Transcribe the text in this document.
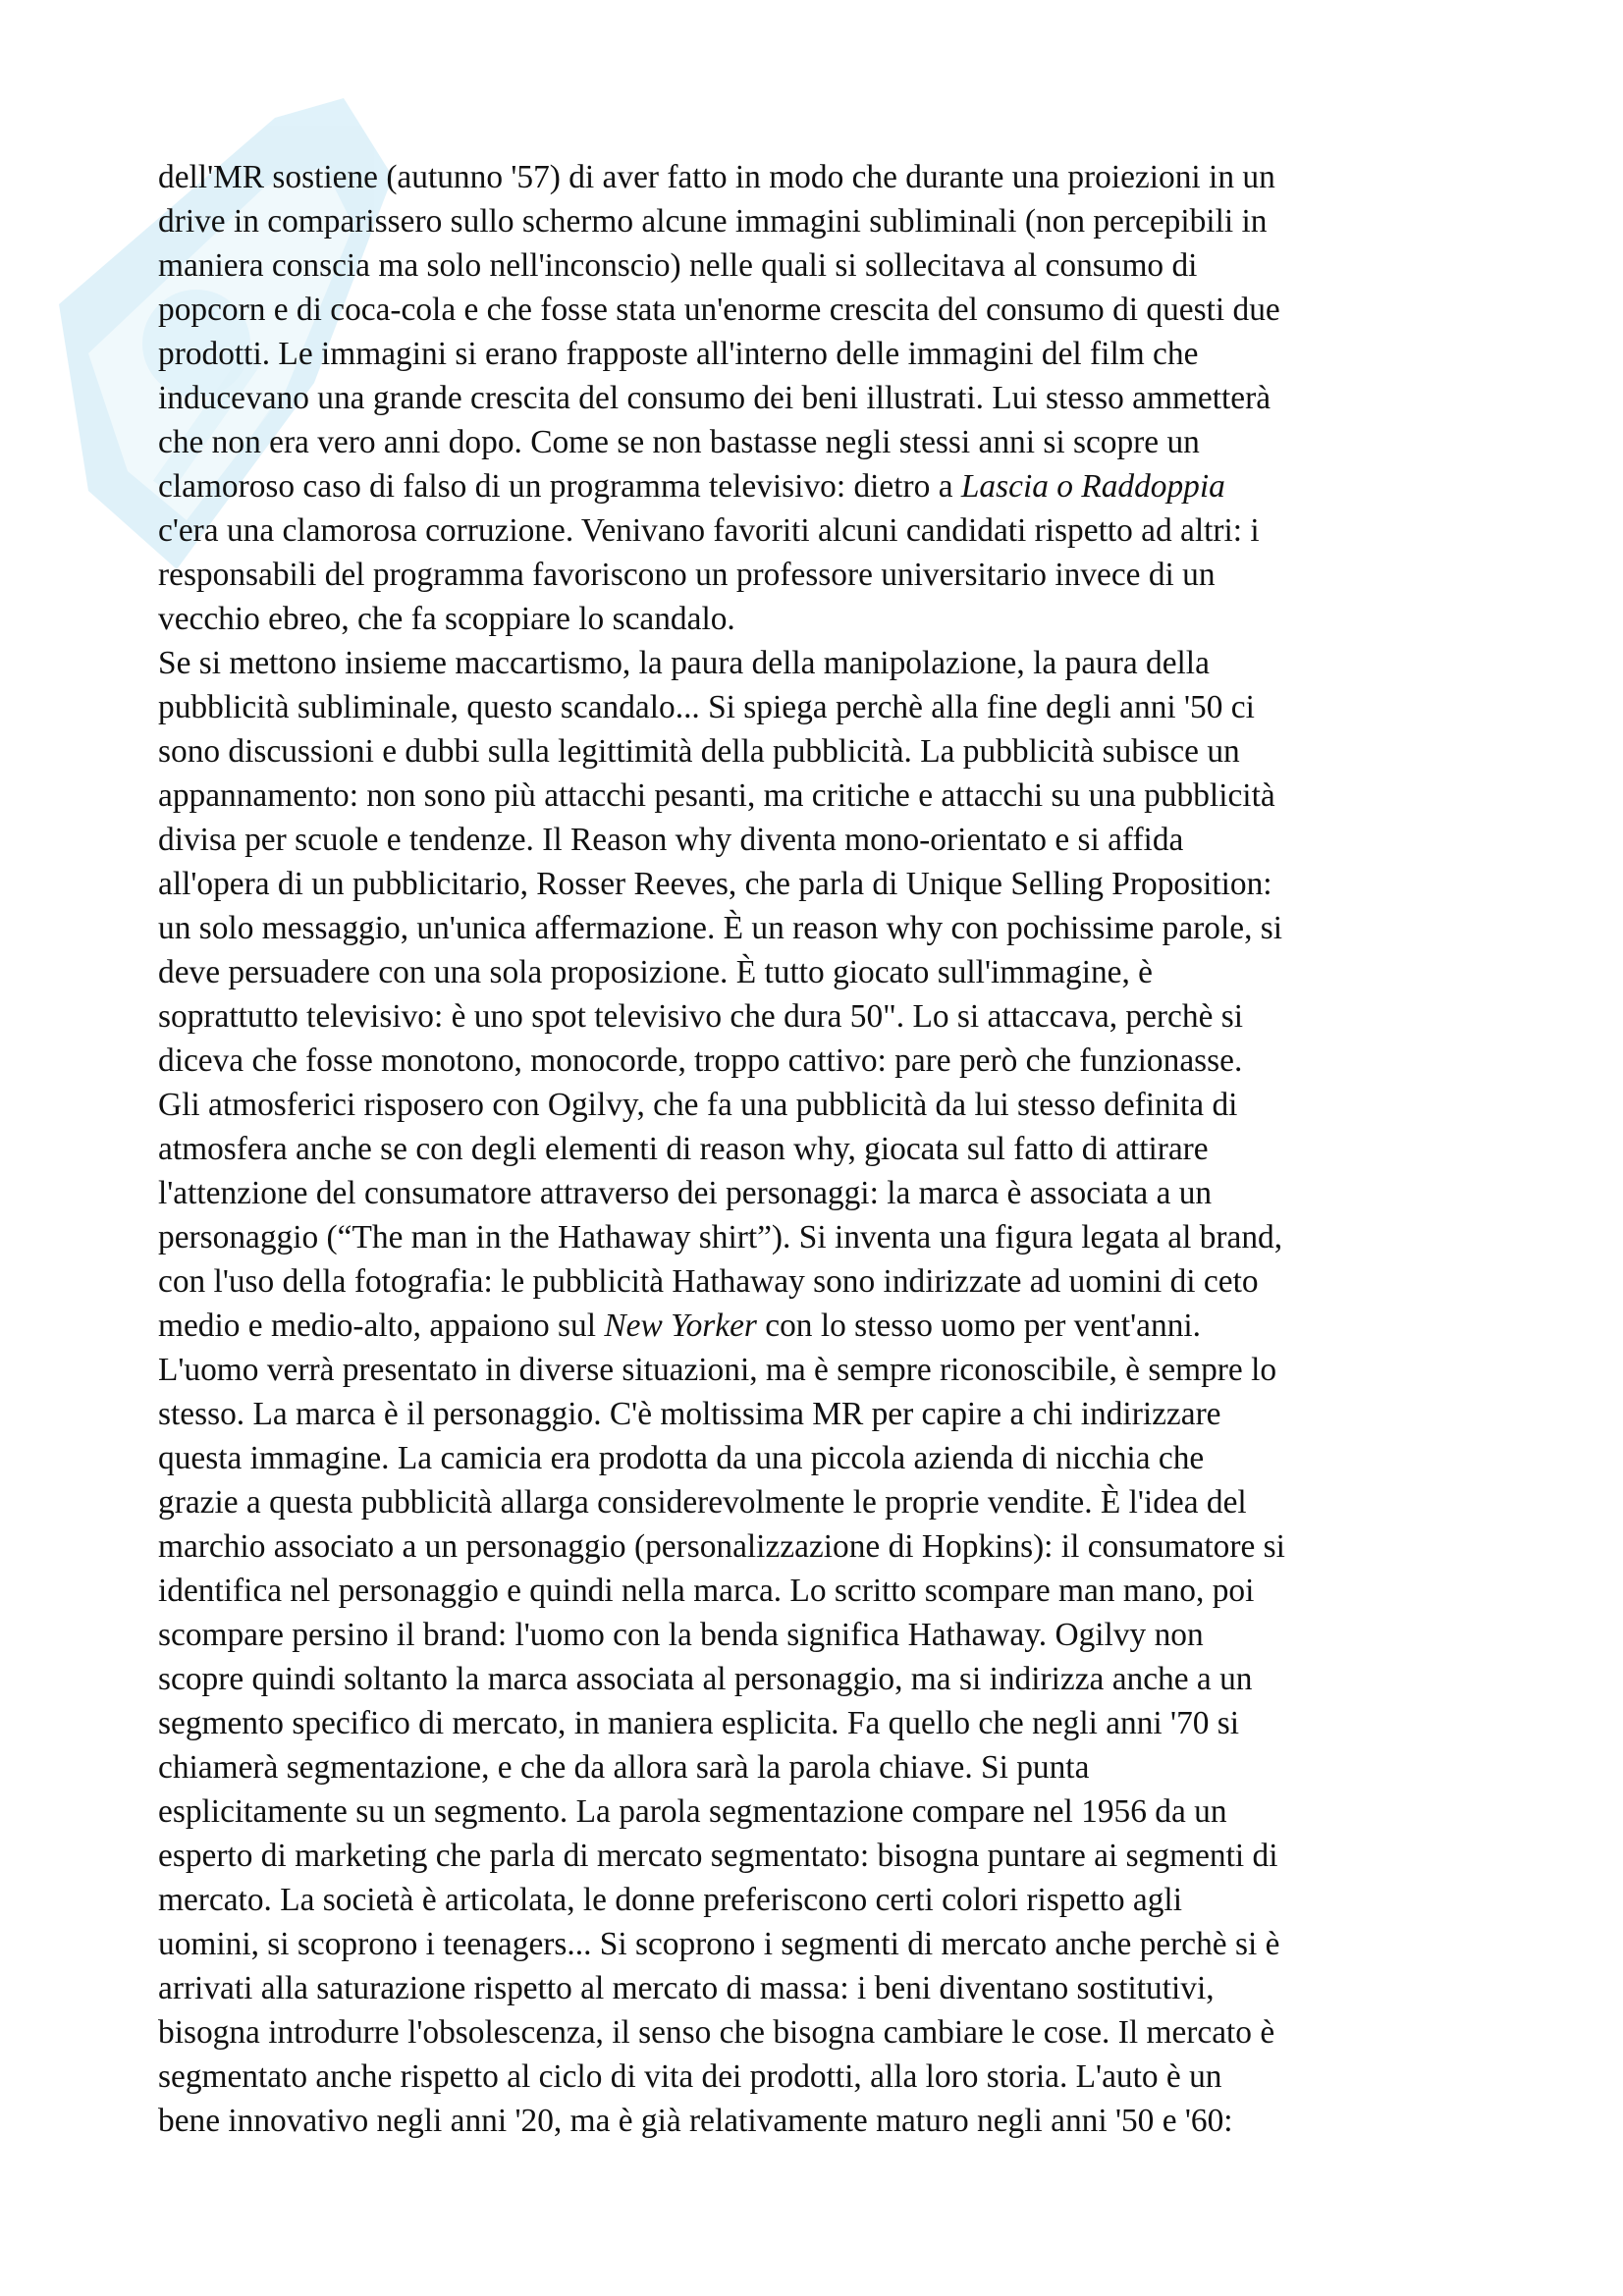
dell'MR sostiene (autunno '57) di aver fatto in modo che durante una proiezioni in un
drive in comparissero sullo schermo alcune immagini subliminali (non percepibili in
maniera conscia ma solo nell'inconscio) nelle quali si sollecitava al consumo di
popcorn e di coca-cola e che fosse stata un'enorme crescita del consumo di questi due
prodotti. Le immagini si erano frapposte all'interno delle immagini del film che
inducevano una grande crescita del consumo dei beni illustrati. Lui stesso ammetterà
che non era vero anni dopo. Come se non bastasse negli stessi anni si scopre un
clamoroso caso di falso di un programma televisivo: dietro a Lascia o Raddoppia
c'era una clamorosa corruzione. Venivano favoriti alcuni candidati rispetto ad altri: i
responsabili del programma favoriscono un professore universitario invece di un
vecchio ebreo, che fa scoppiare lo scandalo.
Se si mettono insieme maccartismo, la paura della manipolazione, la paura della
pubblicità subliminale, questo scandalo... Si spiega perchè alla fine degli anni '50 ci
sono discussioni e dubbi sulla legittimità della pubblicità. La pubblicità subisce un
appannamento: non sono più attacchi pesanti, ma critiche e attacchi su una pubblicità
divisa per scuole e tendenze. Il Reason why diventa mono-orientato e si affida
all'opera di un pubblicitario, Rosser Reeves, che parla di Unique Selling Proposition:
un solo messaggio, un'unica affermazione. È un reason why con pochissime parole, si
deve persuadere con una sola proposizione. È tutto giocato sull'immagine, è
soprattutto televisivo: è uno spot televisivo che dura 50". Lo si attaccava, perchè si
diceva che fosse monotono, monocorde, troppo cattivo: pare però che funzionasse.
Gli atmosferici risposero con Ogilvy, che fa una pubblicità da lui stesso definita di
atmosfera anche se con degli elementi di reason why, giocata sul fatto di attirare
l'attenzione del consumatore attraverso dei personaggi: la marca è associata a un
personaggio (“The man in the Hathaway shirt”). Si inventa una figura legata al brand,
con l'uso della fotografia: le pubblicità Hathaway sono indirizzate ad uomini di ceto
medio e medio-alto, appaiono sul New Yorker con lo stesso uomo per vent'anni.
L'uomo verrà presentato in diverse situazioni, ma è sempre riconoscibile, è sempre lo
stesso. La marca è il personaggio. C'è moltissima MR per capire a chi indirizzare
questa immagine. La camicia era prodotta da una piccola azienda di nicchia che
grazie a questa pubblicità allarga considerevolmente le proprie vendite. È l'idea del
marchio associato a un personaggio (personalizzazione di Hopkins): il consumatore si
identifica nel personaggio e quindi nella marca. Lo scritto scompare man mano, poi
scompare persino il brand: l'uomo con la benda significa Hathaway. Ogilvy non
scopre quindi soltanto la marca associata al personaggio, ma si indirizza anche a un
segmento specifico di mercato, in maniera esplicita. Fa quello che negli anni '70 si
chiamerà segmentazione, e che da allora sarà la parola chiave. Si punta
esplicitamente su un segmento. La parola segmentazione compare nel 1956 da un
esperto di marketing che parla di mercato segmentato: bisogna puntare ai segmenti di
mercato. La società è articolata, le donne preferiscono certi colori rispetto agli
uomini, si scoprono i teenagers... Si scoprono i segmenti di mercato anche perchè si è
arrivati alla saturazione rispetto al mercato di massa: i beni diventano sostitutivi,
bisogna introdurre l'obsolescenza, il senso che bisogna cambiare le cose. Il mercato è
segmentato anche rispetto al ciclo di vita dei prodotti, alla loro storia. L'auto è un
bene innovativo negli anni '20, ma è già relativamente maturo negli anni '50 e '60:
